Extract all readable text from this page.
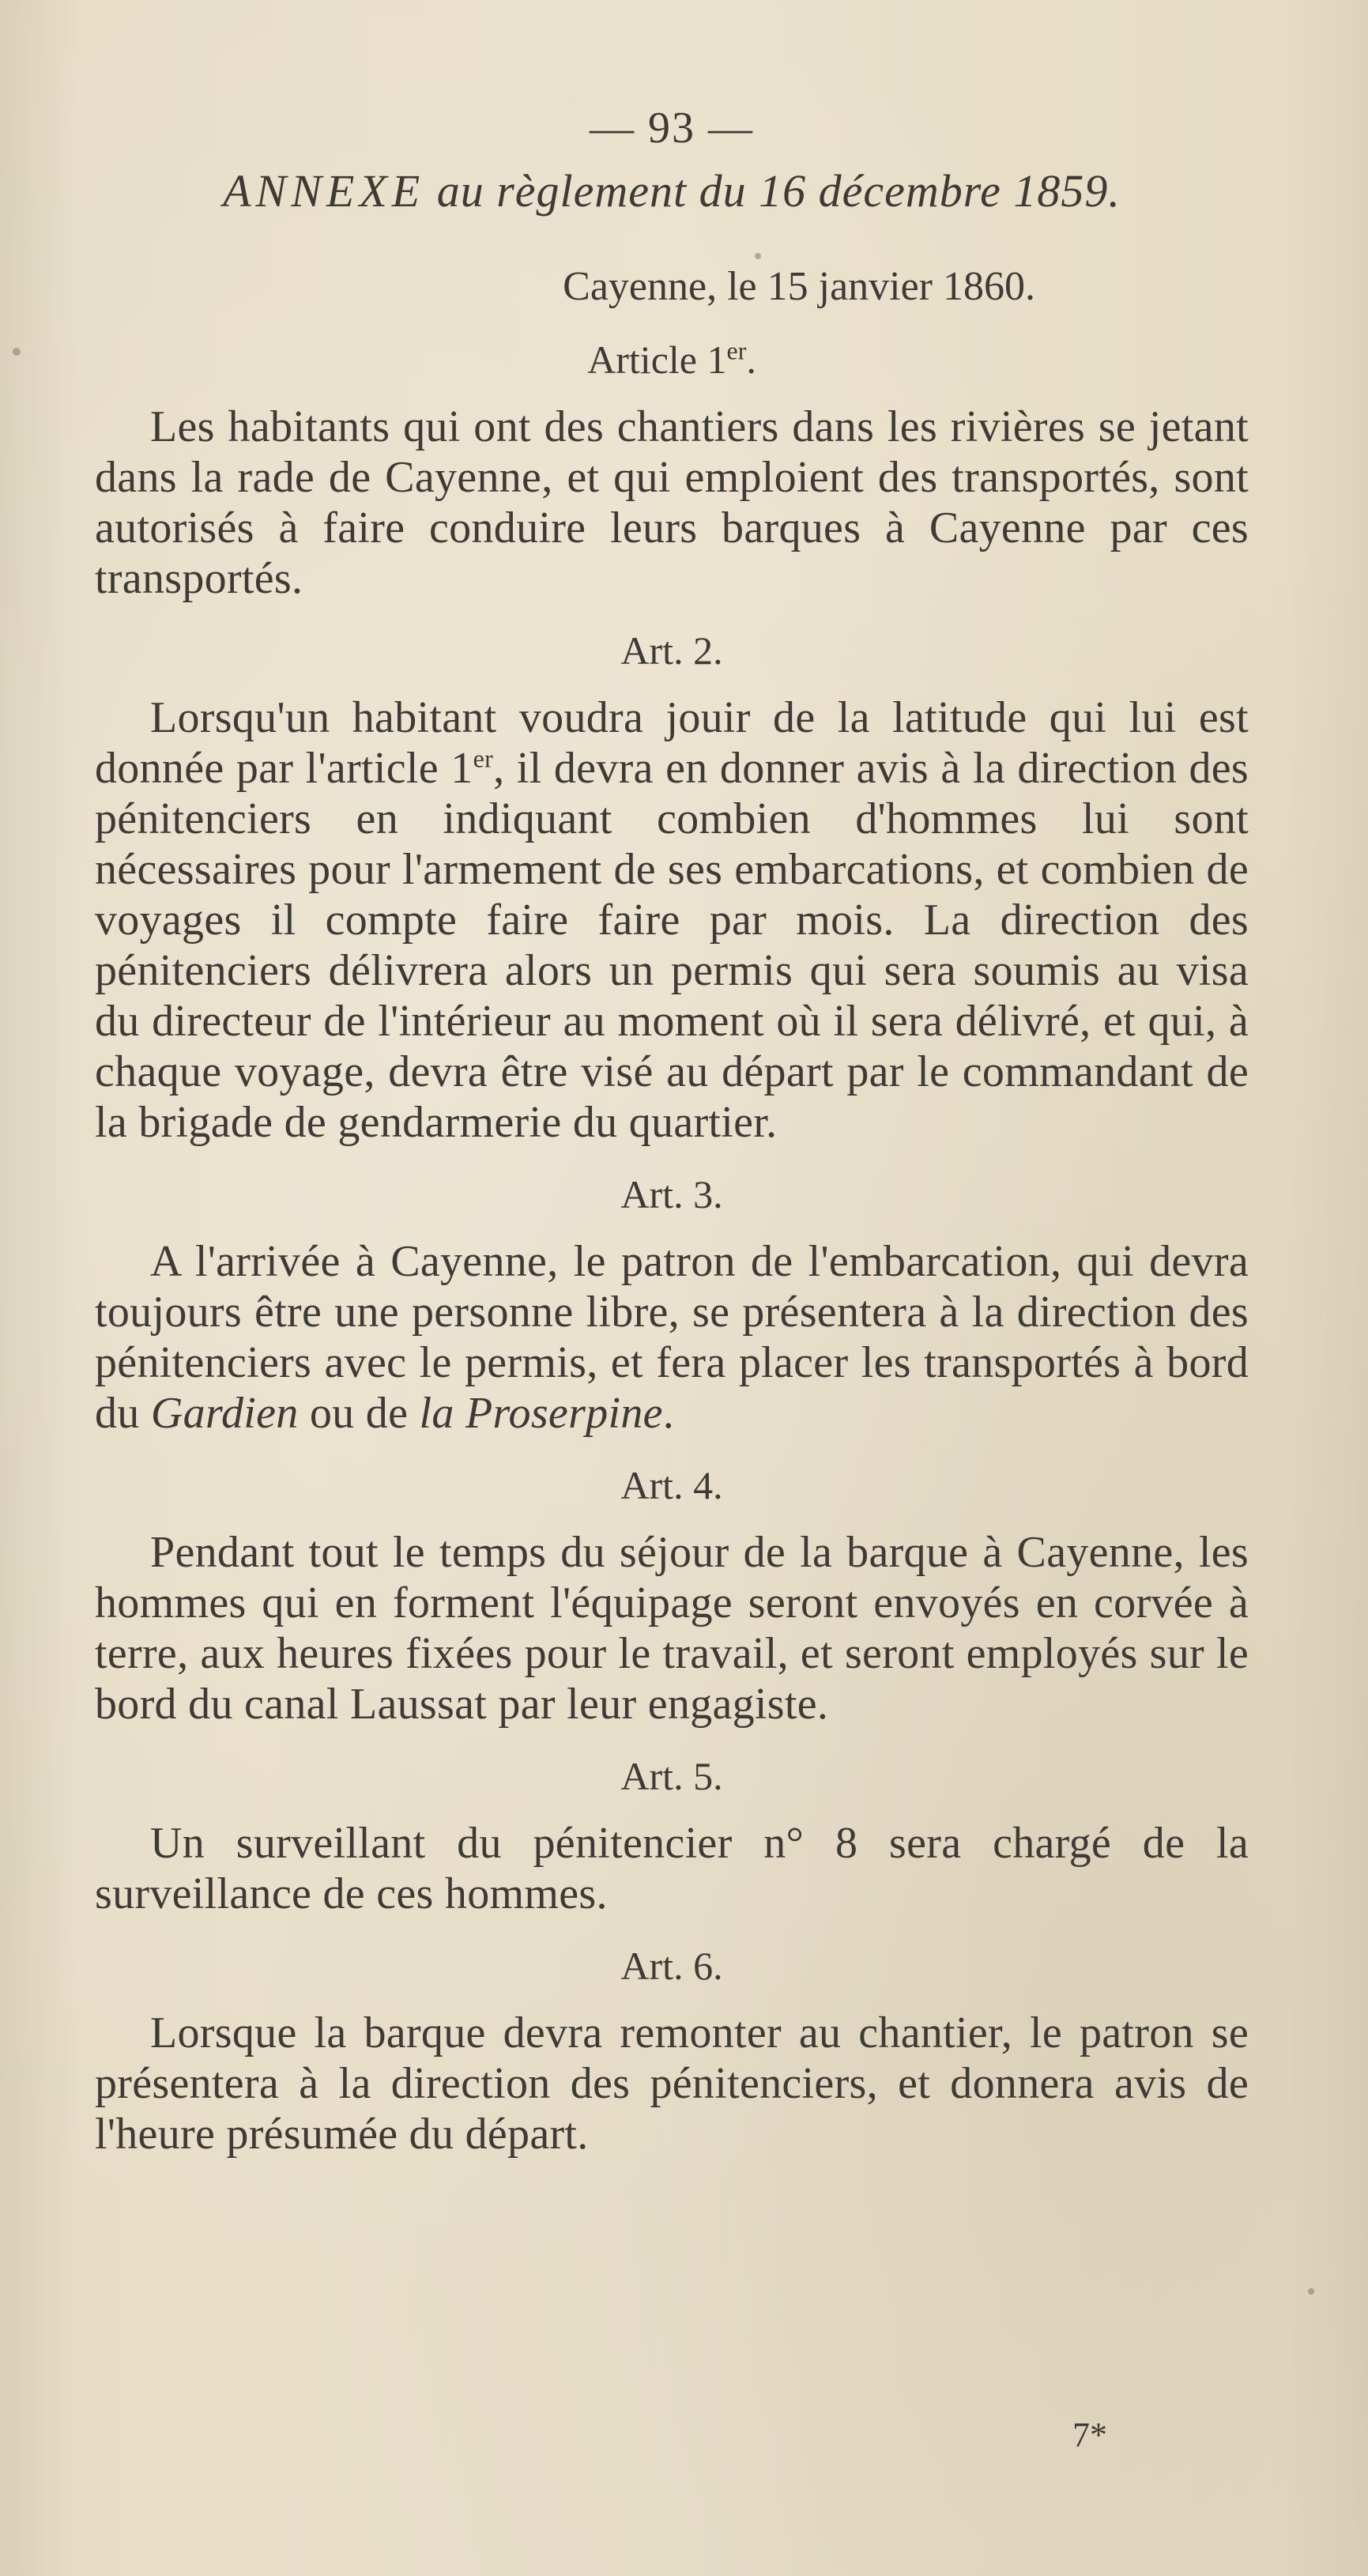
— 93 —
ANNEXE au règlement du 16 décembre 1859.
Cayenne, le 15 janvier 1860.
Article 1er.

Les habitants qui ont des chantiers dans les rivières se jetant dans la rade de Cayenne, et qui emploient des transportés, sont autorisés à faire conduire leurs barques à Cayenne par ces transportés.

Art. 2.

Lorsqu'un habitant voudra jouir de la latitude qui lui est donnée par l'article 1er, il devra en donner avis à la direction des pénitenciers en indiquant combien d'hommes lui sont nécessaires pour l'armement de ses embarcations, et combien de voyages il compte faire faire par mois. La direction des pénitenciers délivrera alors un permis qui sera soumis au visa du directeur de l'intérieur au moment où il sera délivré, et qui, à chaque voyage, devra être visé au départ par le commandant de la brigade de gendarmerie du quartier.

Art. 3.

A l'arrivée à Cayenne, le patron de l'embarcation, qui devra toujours être une personne libre, se présentera à la direction des pénitenciers avec le permis, et fera placer les transportés à bord du Gardien ou de la Proserpine.

Art. 4.

Pendant tout le temps du séjour de la barque à Cayenne, les hommes qui en forment l'équipage seront envoyés en corvée à terre, aux heures fixées pour le travail, et seront employés sur le bord du canal Laussat par leur engagiste.

Art. 5.

Un surveillant du pénitencier n° 8 sera chargé de la surveillance de ces hommes.

Art. 6.

Lorsque la barque devra remonter au chantier, le patron se présentera à la direction des pénitenciers, et donnera avis de l'heure présumée du départ.

7*
